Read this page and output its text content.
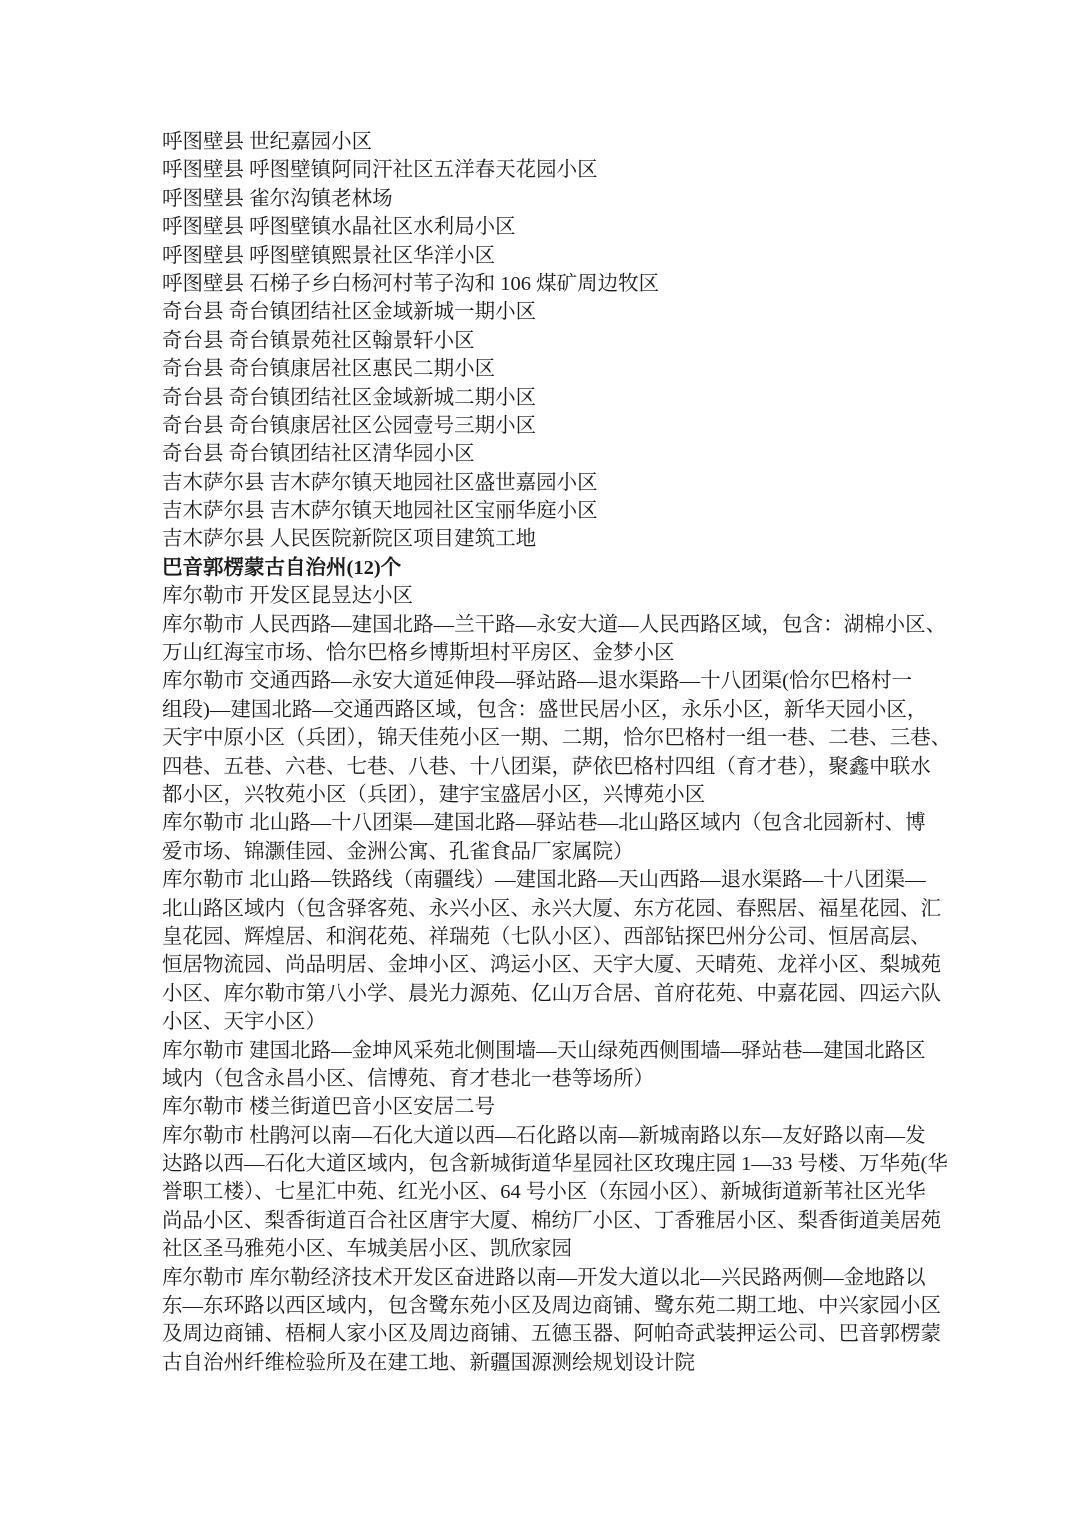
呼图壁县 世纪嘉园小区

呼图壁县 呼图壁镇阿同汗社区五洋春天花园小区

呼图壁县 雀尔沟镇老林场

呼图壁县 呼图壁镇水晶社区水利局小区

呼图壁县 呼图壁镇熙景社区华洋小区

呼图壁县 石梯子乡白杨河村苇子沟和 106 煤矿周边牧区

奇台县 奇台镇团结社区金域新城一期小区

奇台县 奇台镇景苑社区翰景轩小区

奇台县 奇台镇康居社区惠民二期小区

奇台县 奇台镇团结社区金域新城二期小区

奇台县 奇台镇康居社区公园壹号三期小区

奇台县 奇台镇团结社区清华园小区

吉木萨尔县 吉木萨尔镇天地园社区盛世嘉园小区

吉木萨尔县 吉木萨尔镇天地园社区宝丽华庭小区

吉木萨尔县 人民医院新院区项目建筑工地

巴音郭楞蒙古自治州(12)个

库尔勒市 开发区昆昱达小区

库尔勒市 人民西路—建国北路—兰干路—永安大道—人民西路区域，包含：湖棉小区、
万山红海宝市场、恰尔巴格乡博斯坦村平房区、金梦小区

库尔勒市 交通西路—永安大道延伸段—驿站路—退水渠路—十八团渠(恰尔巴格村一
组段)—建国北路—交通西路区域，包含：盛世民居小区，永乐小区，新华天园小区，
天宇中原小区（兵团），锦天佳苑小区一期、二期，恰尔巴格村一组一巷、二巷、三巷、
四巷、五巷、六巷、七巷、八巷、十八团渠，萨依巴格村四组（育才巷），聚鑫中联水
都小区，兴牧苑小区（兵团），建宇宝盛居小区，兴博苑小区

库尔勒市 北山路—十八团渠—建国北路—驿站巷—北山路区域内（包含北园新村、博
爱市场、锦灏佳园、金洲公寓、孔雀食品厂家属院）

库尔勒市 北山路—铁路线（南疆线）—建国北路—天山西路—退水渠路—十八团渠—
北山路区域内（包含驿客苑、永兴小区、永兴大厦、东方花园、春熙居、福星花园、汇
皇花园、辉煌居、和润花苑、祥瑞苑（七队小区）、西部钻探巴州分公司、恒居高层、
恒居物流园、尚品明居、金坤小区、鸿运小区、天宇大厦、天晴苑、龙祥小区、梨城苑
小区、库尔勒市第八小学、晨光力源苑、亿山万合居、首府花苑、中嘉花园、四运六队
小区、天宇小区）

库尔勒市 建国北路—金坤风采苑北侧围墙—天山绿苑西侧围墙—驿站巷—建国北路区
域内（包含永昌小区、信博苑、育才巷北一巷等场所）

库尔勒市 楼兰街道巴音小区安居二号

库尔勒市 杜鹃河以南—石化大道以西—石化路以南—新城南路以东—友好路以南—发
达路以西—石化大道区域内，包含新城街道华星园社区玫瑰庄园 1—33 号楼、万华苑(华
誉职工楼）、七星汇中苑、红光小区、64 号小区（东园小区）、新城街道新苇社区光华
尚品小区、梨香街道百合社区唐宇大厦、棉纺厂小区、丁香雅居小区、梨香街道美居苑
社区圣马雅苑小区、车城美居小区、凯欣家园

库尔勒市 库尔勒经济技术开发区奋进路以南—开发大道以北—兴民路两侧—金地路以
东—东环路以西区域内，包含鹭东苑小区及周边商铺、鹭东苑二期工地、中兴家园小区
及周边商铺、梧桐人家小区及周边商铺、五德玉器、阿帕奇武装押运公司、巴音郭楞蒙
古自治州纤维检验所及在建工地、新疆国源测绘规划设计院
